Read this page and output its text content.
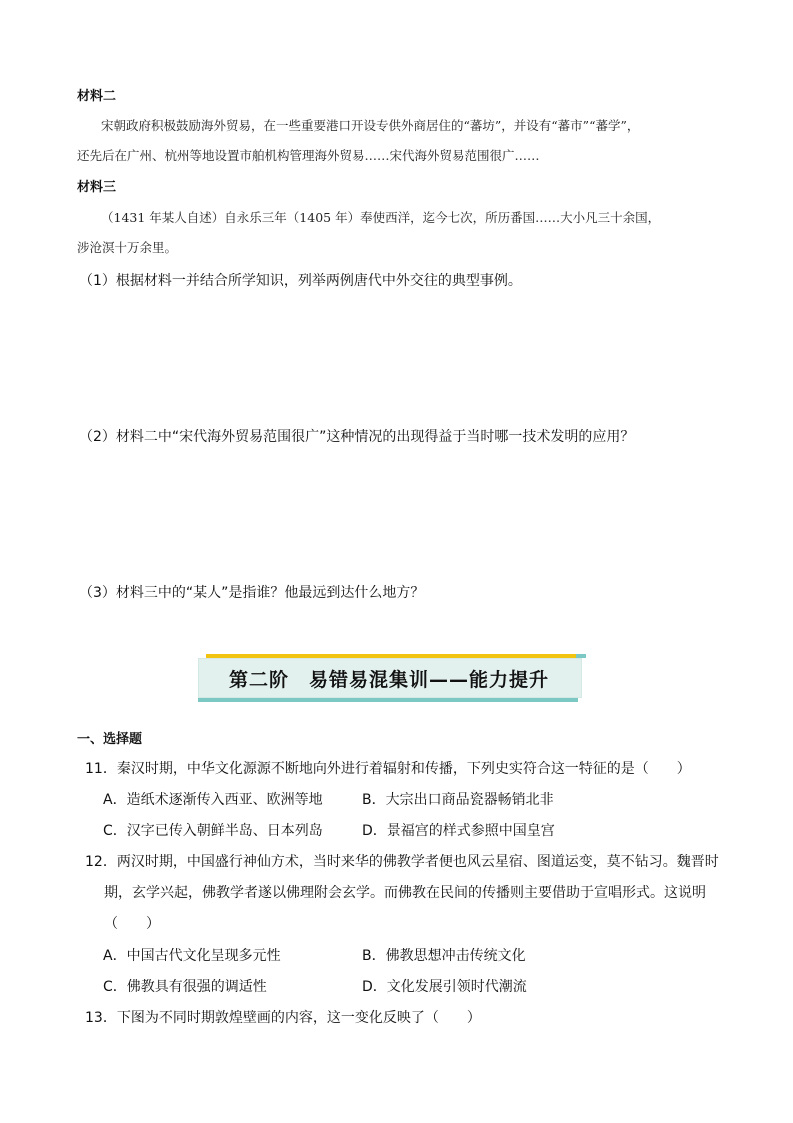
材料二
宋朝政府积极鼓励海外贸易，在一些重要港口开设专供外商居住的“蕃坊”，并设有“蕃市”“蕃学”，
还先后在广州、杭州等地设置市舶机构管理海外贸易……宋代海外贸易范围很广……
材料三
（1431 年某人自述）自永乐三年（1405 年）奉使西洋，迄今七次，所历番国……大小凡三十余国，
涉沧溟十万余里。
（1）根据材料一并结合所学知识，列举两例唐代中外交往的典型事例。
（2）材料二中“宋代海外贸易范围很广”这种情况的出现得益于当时哪一技术发明的应用？
（3）材料三中的“某人”是指谁？他最远到达什么地方？
第二阶　易错易混集训——能力提升
一、选择题
11．秦汉时期，中华文化源源不断地向外进行着辐射和传播，下列史实符合这一特征的是（　　）
A．造纸术逐渐传入西亚、欧洲等地	B．大宗出口商品瓷器畅销北非
C．汉字已传入朝鲜半岛、日本列岛	D．景福宫的样式参照中国皇宫
12．两汉时期，中国盛行神仙方术，当时来华的佛教学者便也风云星宿、图道运变，莫不钻习。魏晋时
期，玄学兴起，佛教学者遂以佛理附会玄学。而佛教在民间的传播则主要借助于宣唱形式。这说明
（　　）
A．中国古代文化呈现多元性	B．佛教思想冲击传统文化
C．佛教具有很强的调适性	D．文化发展引领时代潮流
13．下图为不同时期敦煌壁画的内容，这一变化反映了（　　）
